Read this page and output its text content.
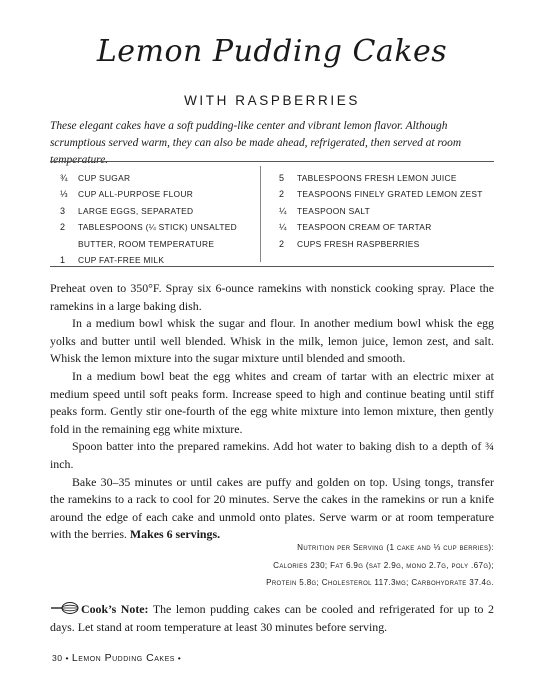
Lemon Pudding Cakes
WITH RASPBERRIES
These elegant cakes have a soft pudding-like center and vibrant lemon flavor. Although scrumptious served warm, they can also be made ahead, refrigerated, then served at room temperature.
¾ CUP SUGAR
⅓ CUP ALL-PURPOSE FLOUR
3 LARGE EGGS, SEPARATED
2 TABLESPOONS (¼ STICK) UNSALTED
BUTTER, ROOM TEMPERATURE
1 CUP FAT-FREE MILK
5 TABLESPOONS FRESH LEMON JUICE
2 TEASPOONS FINELY GRATED LEMON ZEST
¼ TEASPOON SALT
¼ TEASPOON CREAM OF TARTAR
2 CUPS FRESH RASPBERRIES

Preheat oven to 350°F. Spray six 6-ounce ramekins with nonstick cooking spray. Place the ramekins in a large baking dish.

In a medium bowl whisk the sugar and flour. In another medium bowl whisk the egg yolks and butter until well blended. Whisk in the milk, lemon juice, lemon zest, and salt. Whisk the lemon mixture into the sugar mixture until blended and smooth.

In a medium bowl beat the egg whites and cream of tartar with an electric mixer at medium speed until soft peaks form. Increase speed to high and continue beating until stiff peaks form. Gently stir one-fourth of the egg white mixture into lemon mixture, then gently fold in the remaining egg white mixture.

Spoon batter into the prepared ramekins. Add hot water to baking dish to a depth of ¾ inch.

Bake 30–35 minutes or until cakes are puffy and golden on top. Using tongs, transfer the ramekins to a rack to cool for 20 minutes. Serve the cakes in the ramekins or run a knife around the edge of each cake and unmold onto plates. Serve warm or at room temperature with the berries. Makes 6 servings.

Nutrition per Serving (1 cake and ⅓ cup berries):
Calories 230; Fat 6.9g (sat 2.9g, mono 2.7g, poly .67g);
Protein 5.8g; Cholesterol 117.3mg; Carbohydrate 37.4g.
Cook’s Note: The lemon pudding cakes can be cooled and refrigerated for up to 2 days. Let stand at room temperature at least 30 minutes before serving.
30 • Lemon Pudding Cakes •
